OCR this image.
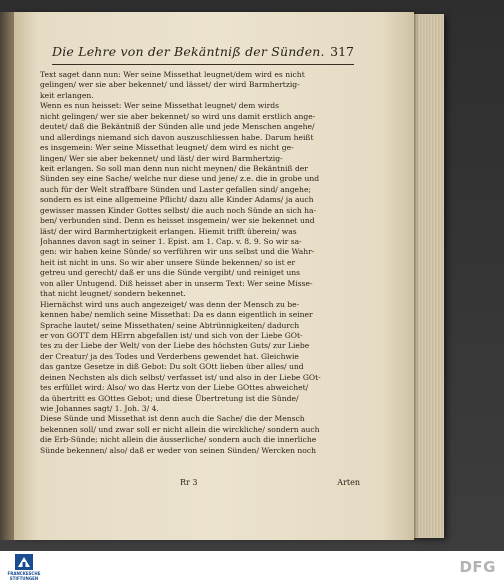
Die Lehre von der Bekäntniß der Sünden. 317
Text saget dann nun: Wer seine Missethat leugnet/dem wird es nicht
gelingen/ wer sie aber bekennet/ und lässet/ der wird Barmhertzig-
keit erlangen.
Wenn es nun heisset: Wer seine Missethat leugnet/ dem wirds
nicht gelingen/ wer sie aber bekennet/ so wird uns damit erstlich ange-
deutet/ daß die Bekäntniß der Sünden alle und jede Menschen angehe/
und allerdings niemand sich davon auszuschliessen habe. Darum heißt
es insgemein: Wer seine Missethat leugnet/ dem wird es nicht ge-
lingen/ Wer sie aber bekennet/ und läst/ der wird Barmhertzig-
keit erlangen. So soll man denn nun nicht meynen/ die Bekäntniß der
Sünden sey eine Sache/ welche nur diese und jene/ z.e. die in grobe und
auch für der Welt straffbare Sünden und Laster gefallen sind/ angehe;
sondern es ist eine allgemeine Pflicht/ dazu alle Kinder Adams/ ja auch
gewisser massen Kinder Gottes selbst/ die auch noch Sünde an sich ha-
ben/ verbunden sind. Denn es heisset insgemein/ wer sie bekennet und
läst/ der wird Barmhertzigkeit erlangen. Hiemit trifft überein/ was
Johannes davon sagt in seiner 1. Epist. am 1. Cap. v. 8. 9. So wir sa-
gen: wir haben keine Sünde/ so verführen wir uns selbst und die Wahr-
heit ist nicht in uns. So wir aber unsere Sünde bekennen/ so ist er
getreu und gerecht/ daß er uns die Sünde vergibt/ und reiniget uns
von aller Untugend. Diß heisset aber in unserm Text: Wer seine Misse-
that nicht leugnet/ sondern bekennet.
Hiernächst wird uns auch angezeiget/ was denn der Mensch zu be-
kennen habe/ nemlich seine Missethat: Da es dann eigentlich in seiner
Sprache lautet/ seine Missethaten/ seine Abtrünnigkeiten/ dadurch
er von GOTT dem HErrn abgefallen ist/ und sich von der Liebe GOt-
tes zu der Liebe der Welt/ von der Liebe des höchsten Guts/ zur Liebe
der Creatur/ ja des Todes und Verderbens gewendet hat. Gleichwie
das gantze Gesetze in diß Gebot: Du solt GOtt lieben über alles/ und
deinen Nechsten als dich selbst/ verfasset ist/ und also in der Liebe GOt-
tes erfüllet wird: Also/ wo das Hertz von der Liebe GOttes abweichet/
da übertritt es GOttes Gebot; und diese Übertretung ist die Sünde/
wie Johannes sagt/ 1. Joh. 3/ 4.
Diese Sünde und Missethat ist denn auch die Sache/ die der Mensch
bekennen soll/ und zwar soll er nicht allein die wirckliche/ sondern auch
die Erb-Sünde; nicht allein die äusserliche/ sondern auch die innerliche
Sünde bekennen/ also/ daß er weder von seinen Sünden/ Wercken noch
Rr 3	Arten
FRANCKESCHE
STIFTUNGEN
DFG
